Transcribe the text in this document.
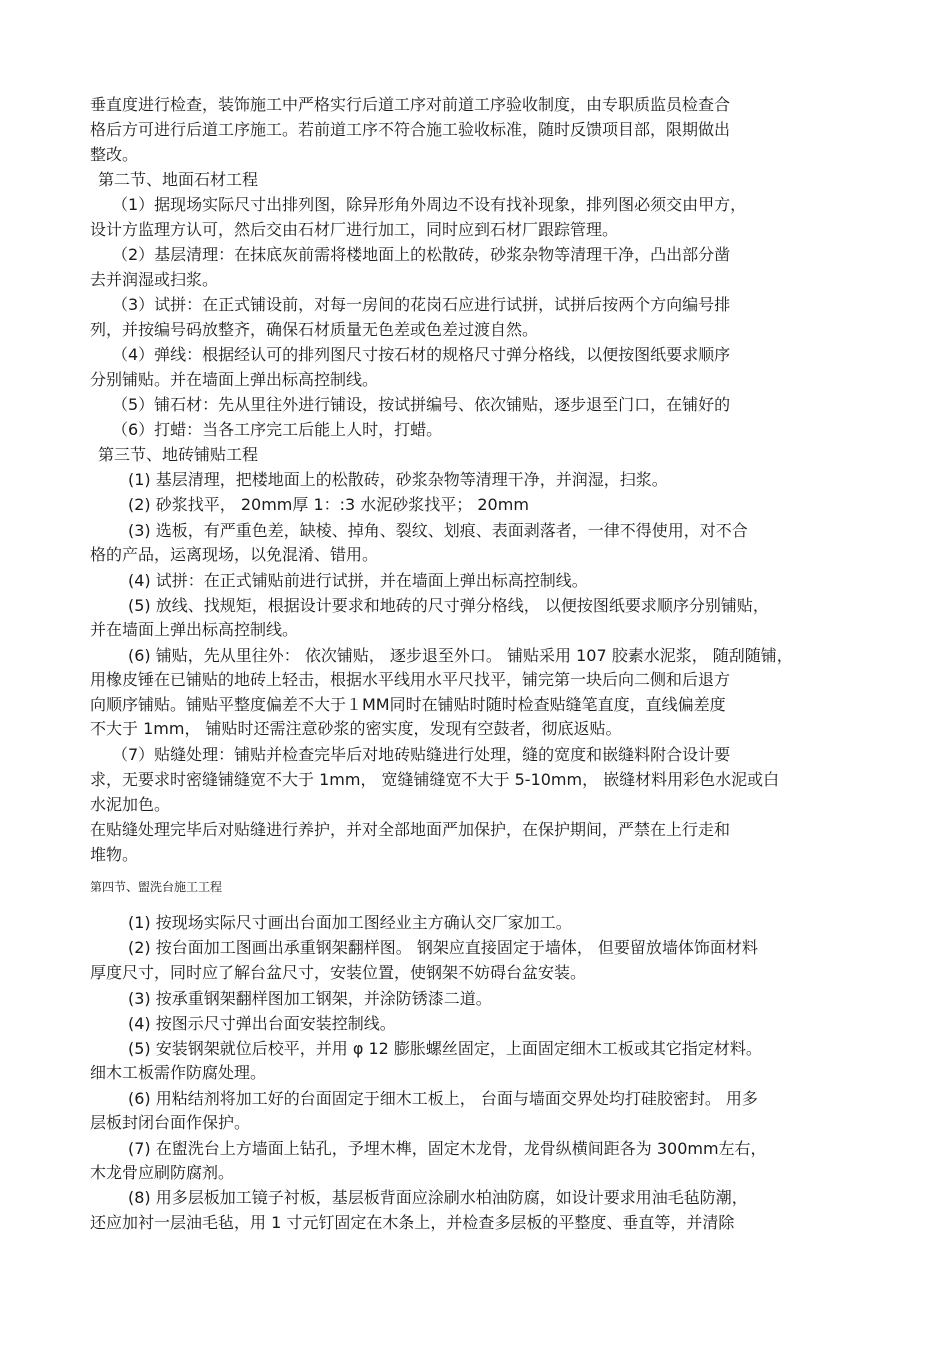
垂直度进行检查，装饰施工中严格实行后道工序对前道工序验收制度，由专职质监员检查合
格后方可进行后道工序施工。若前道工序不符合施工验收标准，随时反馈项目部，限期做出
整改。
第二节、地面石材工程
（1）据现场实际尺寸出排列图，除异形角外周边不设有找补现象，排列图必须交由甲方，
设计方监理方认可，然后交由石材厂进行加工，同时应到石材厂跟踪管理。
（2）基层清理：在抹底灰前需将楼地面上的松散砖，砂浆杂物等清理干净，凸出部分凿
去并润湿或扫浆。
（3）试拼：在正式铺设前，对每一房间的花岗石应进行试拼，试拼后按两个方向编号排
列，并按编号码放整齐，确保石材质量无色差或色差过渡自然。
（4）弹线：根据经认可的排列图尺寸按石材的规格尺寸弹分格线，以便按图纸要求顺序
分别铺贴。并在墙面上弹出标高控制线。
（5）铺石材：先从里往外进行铺设，按试拼编号、依次铺贴，逐步退至门口，在铺好的
（6）打蜡：当各工序完工后能上人时，打蜡。
第三节、地砖铺贴工程
(1) 基层清理，把楼地面上的松散砖，砂浆杂物等清理干净，并润湿，扫浆。
(2) 砂浆找平， 20mm厚 1：:3 水泥砂浆找平； 20mm
(3) 选板，有严重色差，缺棱、掉角、裂纹、划痕、表面剥落者，一律不得使用，对不合
格的产品，运离现场，以免混淆、错用。
(4) 试拼：在正式铺贴前进行试拼，并在墙面上弹出标高控制线。
(5) 放线、找规矩，根据设计要求和地砖的尺寸弹分格线， 以便按图纸要求顺序分别铺贴，
并在墙面上弹出标高控制线。
(6) 铺贴，先从里往外： 依次铺贴， 逐步退至外口。 铺贴采用 107 胶素水泥浆， 随刮随铺，
用橡皮锤在已铺贴的地砖上轻击，根据水平线用水平尺找平，铺完第一块后向二侧和后退方
向顺序铺贴。铺贴平整度偏差不大于１MM同时在铺贴时随时检查贴缝笔直度，直线偏差度
不大于 1mm， 铺贴时还需注意砂浆的密实度，发现有空鼓者，彻底返贴。
（7）贴缝处理：铺贴并检查完毕后对地砖贴缝进行处理，缝的宽度和嵌缝料附合设计要
求，无要求时密缝铺缝宽不大于 1mm， 宽缝铺缝宽不大于 5-10mm， 嵌缝材料用彩色水泥或白
水泥加色。
在贴缝处理完毕后对贴缝进行养护，并对全部地面严加保护，在保护期间，严禁在上行走和
堆物。
第四节、盥洗台施工工程
(1) 按现场实际尺寸画出台面加工图经业主方确认交厂家加工。
(2) 按台面加工图画出承重钢架翻样图。 钢架应直接固定于墙体， 但要留放墙体饰面材料
厚度尺寸，同时应了解台盆尺寸，安装位置，使钢架不妨碍台盆安装。
(3) 按承重钢架翻样图加工钢架，并涂防锈漆二道。
(4) 按图示尺寸弹出台面安装控制线。
(5) 安装钢架就位后校平，并用 φ 12 膨胀螺丝固定，上面固定细木工板或其它指定材料。
细木工板需作防腐处理。
(6) 用粘结剂将加工好的台面固定于细木工板上， 台面与墙面交界处均打硅胶密封。 用多
层板封闭台面作保护。
(7) 在盥洗台上方墙面上钻孔，予埋木榫，固定木龙骨，龙骨纵横间距各为 300mm左右，
木龙骨应刷防腐剂。
(8) 用多层板加工镜子衬板，基层板背面应涂刷水柏油防腐，如设计要求用油毛毡防潮，
还应加衬一层油毛毡，用 1 寸元钉固定在木条上，并检查多层板的平整度、垂直等，并清除
